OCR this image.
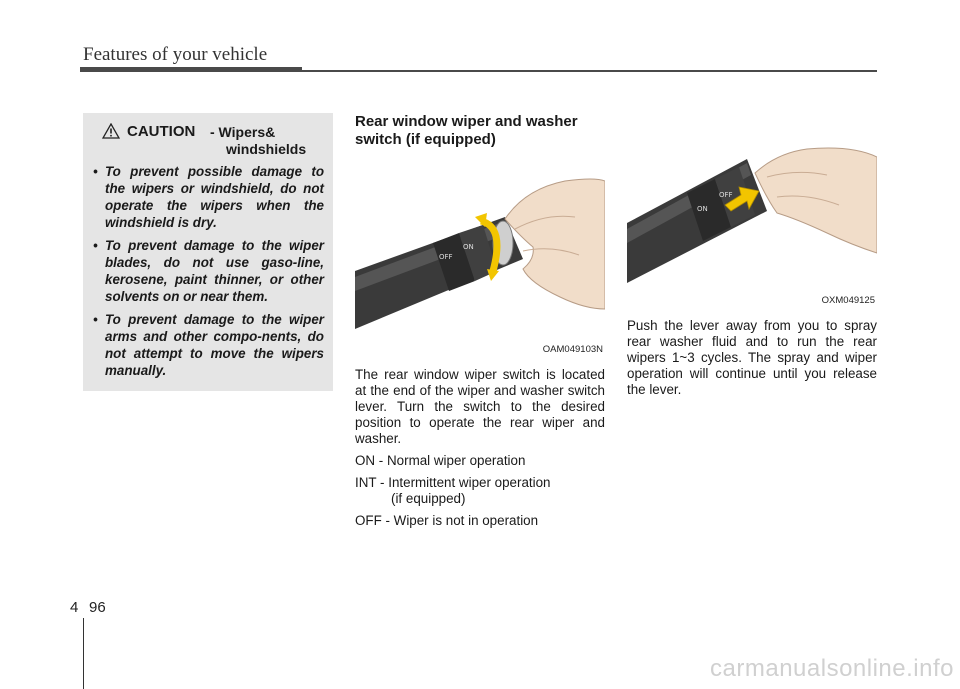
Features of your vehicle
CAUTION - Wipers&
windshields
• To prevent possible damage to the wipers or windshield, do not operate the wipers when the windshield is dry.
• To prevent damage to the wiper blades, do not use gaso-line, kerosene, paint thinner, or other solvents on or near them.
• To prevent damage to the wiper arms and other compo-nents, do not attempt to move the wipers manually.
Rear window wiper and washer switch (if equipped)
OFF
ON
OAM049103N
The rear window wiper switch is located at the end of the wiper and washer switch lever. Turn the switch to the desired position to operate the rear wiper and washer.
ON - Normal wiper operation
INT - Intermittent wiper operation
(if equipped)
OFF - Wiper is not in operation
ON
OFF
OXM049125
Push the lever away from you to spray rear washer fluid and to run the rear wipers 1~3 cycles. The spray and wiper operation will continue until you release the lever.
4 96
carmanualsonline.info
